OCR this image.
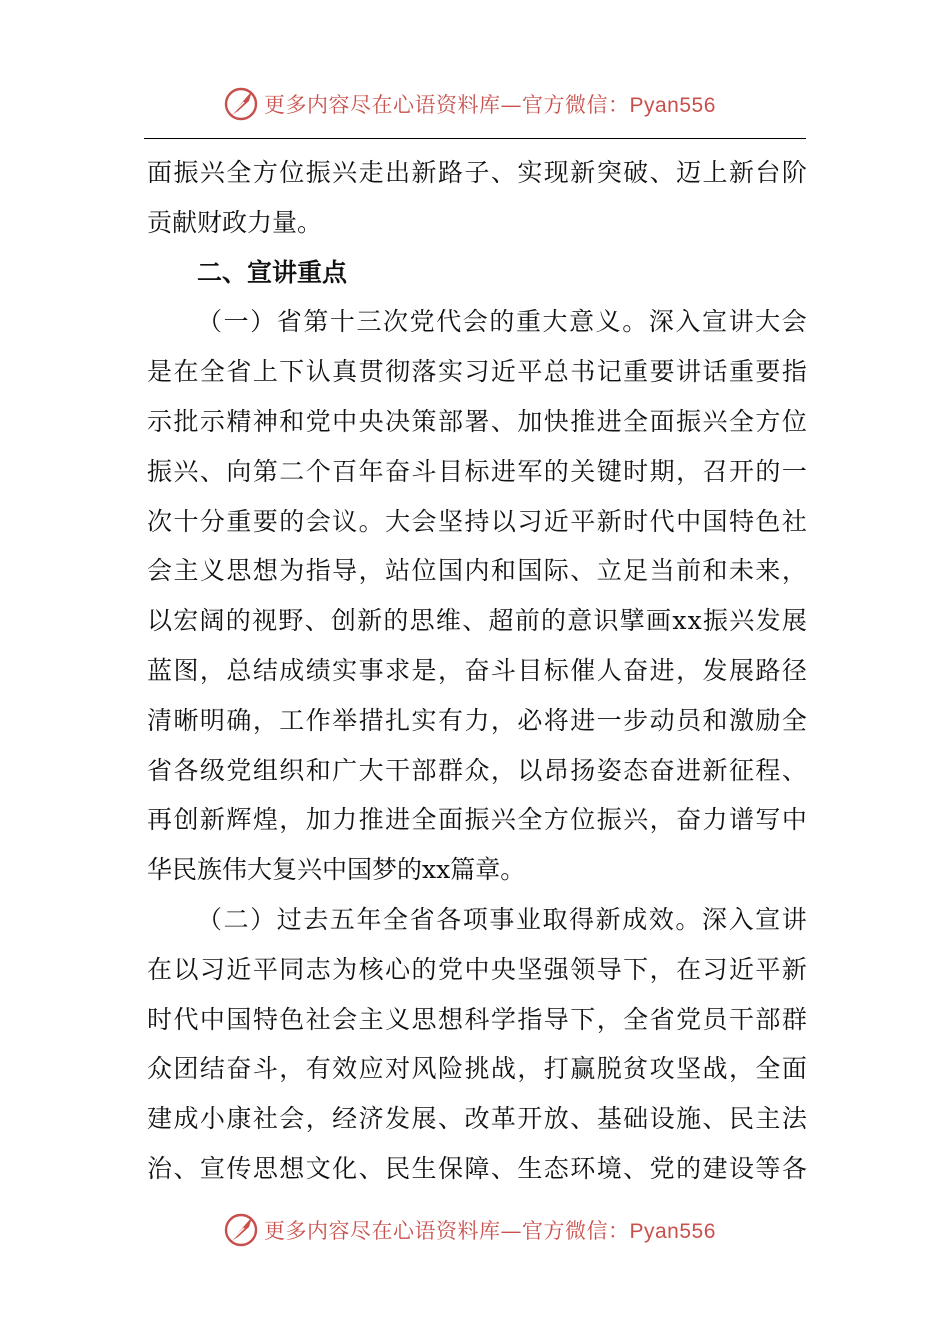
更多内容尽在心语资料库—官方微信：Pyan556
面 振 兴 全 方 位 振 兴 走 出 新 路 子 、 实 现 新 突 破 、 迈 上 新 台 阶
贡献财政力量。
二、宣讲重点
（ 一 ） 省 第 十 三 次 党 代 会 的 重 大 意 义 。 深 入 宣 讲 大 会
是 在 全 省 上 下 认 真 贯 彻 落 实 习 近 平 总 书 记 重 要 讲 话 重 要 指
示 批 示 精 神 和 党 中 央 决 策 部 署 、 加 快 推 进 全 面 振 兴 全 方 位
振 兴 、 向 第 二 个 百 年 奋 斗 目 标 进 军 的 关 键 时 期 ， 召 开 的 一
次 十 分 重 要 的 会 议 。 大 会 坚 持 以 习 近 平 新 时 代 中 国 特 色 社
会 主 义 思 想 为 指 导 ， 站 位 国 内 和 国 际 、 立 足 当 前 和 未 来 ，
以 宏 阔 的 视 野 、 创 新 的 思 维 、 超 前 的 意 识 擘 画 x x 振 兴 发 展
蓝 图 ， 总 结 成 绩 实 事 求 是 ， 奋 斗 目 标 催 人 奋 进 ， 发 展 路 径
清 晰 明 确 ， 工 作 举 措 扎 实 有 力 ， 必 将 进 一 步 动 员 和 激 励 全
省 各 级 党 组 织 和 广 大 干 部 群 众 ， 以 昂 扬 姿 态 奋 进 新 征 程 、
再 创 新 辉 煌 ， 加 力 推 进 全 面 振 兴 全 方 位 振 兴 ， 奋 力 谱 写 中
华民族伟大复兴中国梦的xx篇章。
（ 二 ） 过 去 五 年 全 省 各 项 事 业 取 得 新 成 效 。 深 入 宣 讲
在 以 习 近 平 同 志 为 核 心 的 党 中 央 坚 强 领 导 下 ， 在 习 近 平 新
时 代 中 国 特 色 社 会 主 义 思 想 科 学 指 导 下 ， 全 省 党 员 干 部 群
众 团 结 奋 斗 ， 有 效 应 对 风 险 挑 战 ， 打 赢 脱 贫 攻 坚 战 ， 全 面
建 成 小 康 社 会 ， 经 济 发 展 、 改 革 开 放 、 基 础 设 施 、 民 主 法
治 、 宣 传 思 想 文 化 、 民 生 保 障 、 生 态 环 境 、 党 的 建 设 等 各
更多内容尽在心语资料库—官方微信：Pyan556
